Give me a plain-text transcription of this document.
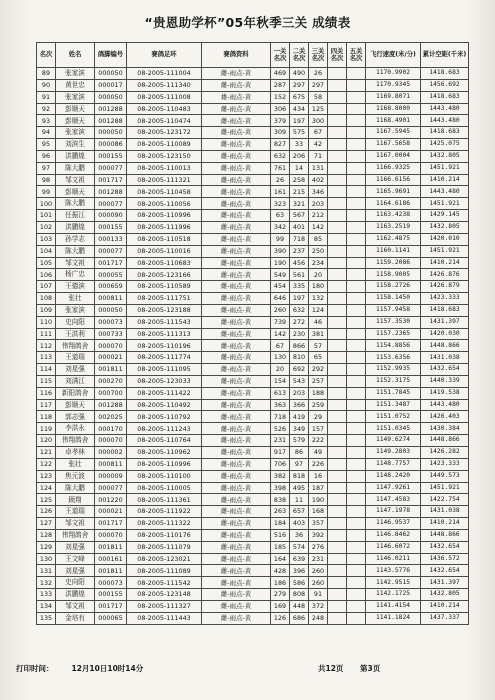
“贵恩助学杯”05年秋季三关 成绩表
名次	姓名	鸽脚编号	赛鸽足环	赛鸽资料	一关名次	二关名次	三关名次	四关名次	五关名次	飞行速度(米/分)	累计空距(千米)
89	张家滨	000050	08-2005-111004	雌-雨点-黄	469	490	26			1170.9902	1418.683
90	黄世忠	000017	08-2005-111340	雌-雨点-黄	287	297	297			1170.9345	1456.692
91	张家滨	000050	08-2005-111008	雄-雨点-黄	152	675	58			1169.8071	1418.683
92	彭顺天	001288	08-2005-110483	雌-雨点-黄	306	434	125			1168.8000	1443.480
93	彭顺天	001288	08-2005-110474	雌-雨点-黄	379	197	300			1168.4901	1443.480
94	张家滨	000050	08-2005-123172	雌-雨点-黄	309	575	67			1167.5945	1418.683
95	刘滨生	000086	08-2005-110089	雌-雨点-黄	827	33	42			1167.5658	1425.075
96	洪鹏煌	000155	08-2005-123150	雌-雨点-黄	632	206	71			1167.0004	1432.805
97	陈大鹏	000077	08-2005-110013	雌-雨点-黄	761	14	131			1166.9325	1451.921
98	邹文祖	001717	08-2005-111321	雌-雨点-黄	26	258	402			1166.6156	1410.214
99	彭顺天	001288	08-2005-110458	雌-雨点-黄	161	215	346			1165.9691	1443.480
100	陈大鹏	000077	08-2005-110056	雌-雨点-黄	323	321	203			1164.6186	1451.921
101	任振江	000090	08-2005-110996	雌-雨点-黄	63	567	212			1163.4238	1429.145
102	洪鹏煌	000155	08-2005-111996	雌-雨点-黄	342	401	142			1163.2519	1432.805
103	孙学志	000133	08-2005-110518	雌-雨点-黄	99	718	85			1162.4875	1420.010
104	陈大鹏	000077	08-2005-110016	雌-雨点-黄	390	237	250			1160.1141	1451.921
105	邹文祖	001717	08-2005-110683	雌-雨点-黄	190	456	234			1159.2086	1410.214
106	杨广忠	000055	08-2005-123166	雌-雨点-黄	549	561	20			1158.9005	1426.876
107	王德滨	000659	08-2005-110589	雌-雨点-黄	454	335	180			1158.2726	1426.879
108	张壮	000811	08-2005-111751	雌-雨点-黄	646	197	132			1158.1450	1423.333
109	张家滨	000050	08-2005-123188	雌-雨点-黄	260	632	124			1157.9458	1418.683
110	史向阳	000073	08-2005-111543	雌-雨点-黄	739	272	46			1157.3530	1431.397
111	王洪利	000733	08-2005-111313	雌-雨点-黄	142	230	381			1157.2365	1420.030
112	伟翔鸽舍	000070	08-2005-110196	雌-雨点-黄	67	866	57			1154.8856	1448.866
113	王道瑞	000021	08-2005-111774	雌-雨点-黄	130	810	65			1153.6356	1431.038
114	刘星强	001811	08-2005-111095	雌-雨点-黄	20	692	292			1152.9935	1432.654
115	刘满江	000270	08-2005-123033	雌-雨点-黄	154	543	257			1152.3175	1440.339
116	新阳鸽舍	000700	08-2005-111422	雌-雨点-黄	613	203	188			1151.7845	1419.538
117	彭顺天	001288	08-2005-110492	雌-雨点-黄	363	366	259			1151.3487	1443.480
118	郭志强	002025	08-2005-110792	雌-雨点-黄	718	419	29			1151.0752	1426.403
119	李洪永	000170	08-2005-111243	雌-雨点-黄	526	349	157			1151.0345	1430.384
120	伟翔鸽舍	000070	08-2005-110764	雌-雨点-黄	231	579	222			1149.6274	1448.866
121	卓孝林	000002	08-2005-110962	雌-雨点-黄	917	86	49			1149.2803	1426.282
122	张壮	000811	08-2005-110996	雌-雨点-黄	706	97	226			1148.7757	1423.333
123	焦元波	000009	08-2005-110100	雌-雨点-黄	382	818	16			1148.2420	1449.573
124	陈大鹏	000077	08-2005-110005	雌-雨点-黄	398	495	187			1147.9261	1451.921
125	顾翔	001220	08-2005-111361	雌-雨点-黄	838	11	190			1147.4583	1422.754
126	王道瑞	000021	08-2005-111922	雌-雨点-黄	263	657	168			1147.1978	1431.038
127	邹文祖	001717	08-2005-111322	雌-雨点-黄	184	403	357			1146.9537	1410.214
128	伟翔鸽舍	000070	08-2005-110176	雌-雨点-黄	516	36	392			1146.8462	1448.866
129	刘星强	001811	08-2005-111079	雌-雨点-黄	185	574	276			1146.6072	1432.654
130	王文峰	000161	08-2005-123021	雌-雨点-黄	164	639	231			1146.0211	1436.572
131	刘星强	001811	08-2005-111089	雌-雨点-黄	428	396	260			1143.5776	1432.654
132	史向阳	000073	08-2005-111542	雌-雨点-黄	186	586	260			1142.9515	1431.397
133	洪鹏煌	000155	08-2005-123148	雌-雨点-黄	279	808	91			1142.1725	1432.805
134	邹文祖	001717	08-2005-111327	雌-雨点-黄	169	448	372			1141.4154	1410.214
135	金培有	000065	08-2005-111443	雌-雨点-黄	126	686	248			1141.1824	1437.337
打印时间： 12月10日10时14分	共12页 第3页
